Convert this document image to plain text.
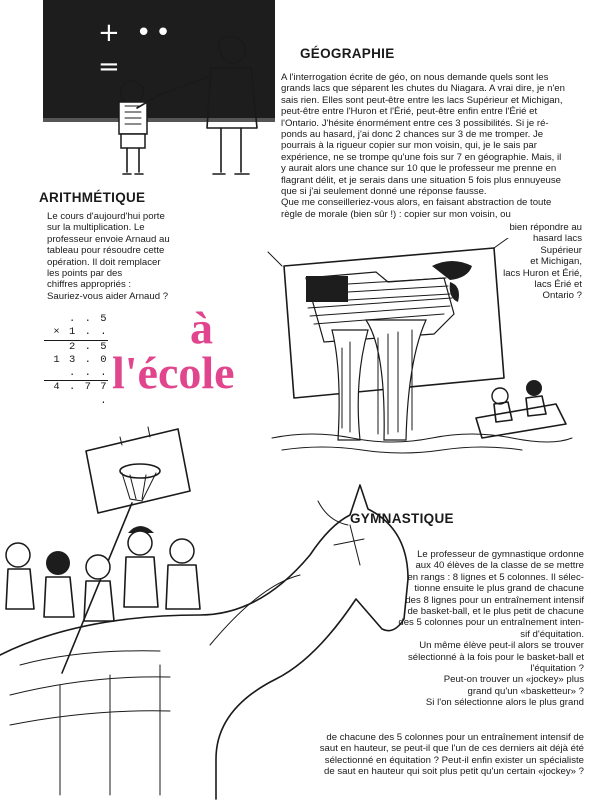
+ ••
=	GÉOGRAPHIE
A l'interrogation écrite de géo, on nous demande quels sont les
grands lacs que séparent les chutes du Niagara. A vrai dire, je n'en
sais rien. Elles sont peut-être entre les lacs Supérieur et Michigan,
peut-être entre l'Huron et l'Érié, peut-être enfin entre l'Érié et
l'Ontario. J'hésite énormément entre ces 3 possibilités. Si je ré-
ponds au hasard, j'ai donc 2 chances sur 3 de me tromper. Je
pourrais à la rigueur copier sur mon voisin, qui, je le sais par
expérience, ne se trompe qu'une fois sur 7 en géographie. Mais, il
y aurait alors une chance sur 10 que le professeur me prenne en
flagrant délit, et je serais dans une situation 5 fois plus ennuyeuse
que si j'ai seulement donné une réponse fausse.
Que me conseilleriez-vous alors, en faisant abstraction de toute
règle de morale (bien sûr !) : copier sur mon voisin, ou
bien répondre au
hasard lacs
Supérieur
et Michigan,
lacs Huron et Érié,
lacs Érié et
Ontario ?
ARITHMÉTIQUE
Le cours d'aujourd'hui porte
sur la multiplication. Le
professeur envoie Arnaud au
tableau pour résoudre cette
opération. Il doit remplacer
les points par des
chiffres appropriés :
Sauriez-vous aider Arnaud ?
. . 5
× 1 . .
2 . 5
1 3 . 0
. . .
4 . 7 7 .
à
l'école
GYMNASTIQUE
Le professeur de gymnastique ordonne
aux 40 élèves de la classe de se mettre
en rangs : 8 lignes et 5 colonnes. Il sélec-
tionne ensuite le plus grand de chacune
des 8 lignes pour un entraînement intensif
de basket-ball, et le plus petit de chacune
des 5 colonnes pour un entraînement inten-
sif d'équitation.
Un même élève peut-il alors se trouver
sélectionné à la fois pour le basket-ball et
l'équitation ?
Peut-on trouver un «jockey» plus
grand qu'un «basketteur» ?
Si l'on sélectionne alors le plus grand
de chacune des 5 colonnes pour un entraînement intensif de
saut en hauteur, se peut-il que l'un de ces derniers ait déjà été
sélectionné en équitation ? Peut-il enfin exister un spécialiste
de saut en hauteur qui soit plus petit qu'un certain «jockey» ?
